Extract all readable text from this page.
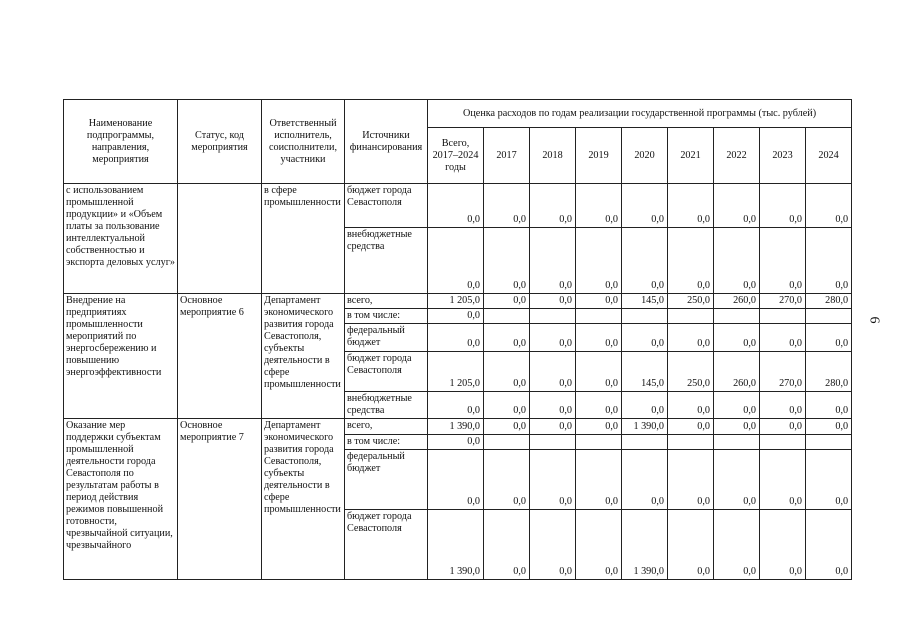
Наименование подпрограммы, направления, мероприятия	Статус, код мероприятия	Ответственный исполнитель, соисполнители, участники	Источники финансирования	Оценка расходов по годам реализации государственной программы (тыс. рублей)								
				Всего, 2017–2024 годы	2017	2018	2019	2020	2021	2022	2023	2024
с использованием промышленной продукции» и «Объем платы за пользование интеллектуальной собственностью и экспорта деловых услуг»		в сфере промышленности	бюджет города Севастополя	0,0	0,0	0,0	0,0	0,0	0,0	0,0	0,0	0,0
			внебюджетные средства	0,0	0,0	0,0	0,0	0,0	0,0	0,0	0,0	0,0
Внедрение на предприятиях промышленности мероприятий по энергосбережению и повышению энергоэффективности	Основное мероприятие 6	Департамент экономического развития города Севастополя, субъекты деятельности в сфере промышленности	всего,	1 205,0	0,0	0,0	0,0	145,0	250,0	260,0	270,0	280,0
			в том числе:	0,0								
			федеральный бюджет	0,0	0,0	0,0	0,0	0,0	0,0	0,0	0,0	0,0
			бюджет города Севастополя	1 205,0	0,0	0,0	0,0	145,0	250,0	260,0	270,0	280,0
			внебюджетные средства	0,0	0,0	0,0	0,0	0,0	0,0	0,0	0,0	0,0
Оказание мер поддержки субъектам промышленной деятельности города Севастополя по результатам работы в период действия режимов повышенной готовности, чрезвычайной ситуации, чрезвычайного	Основное мероприятие 7	Департамент экономического развития города Севастополя, субъекты деятельности в сфере промышленности	всего,	1 390,0	0,0	0,0	0,0	1 390,0	0,0	0,0	0,0	0,0
			в том числе:	0,0								
			федеральный бюджет	0,0	0,0	0,0	0,0	0,0	0,0	0,0	0,0	0,0
			бюджет города Севастополя	1 390,0	0,0	0,0	0,0	1 390,0	0,0	0,0	0,0	0,0
6
